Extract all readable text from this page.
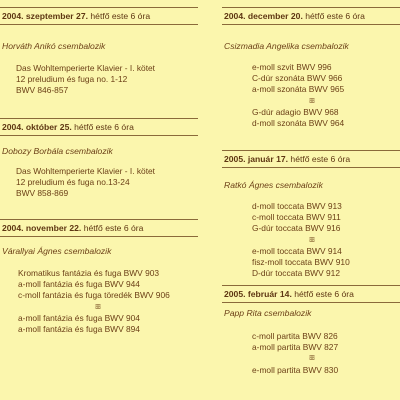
2004. szeptember 27. hétfő este 6 óra
Horváth Anikó csembalozik
Das Wohltemperierte Klavier - I. kötet
12 preludium és fuga no. 1-12
BWV 846-857
2004. október 25. hétfő este 6 óra
Dobozy Borbála csembalozik
Das Wohltemperierte Klavier - I. kötet
12 preludium és fuga no.13-24
BWV 858-869
2004. november 22. hétfő este 6 óra
Várallyai Ágnes csembalozik
Kromatikus fantázia és fuga BWV 903
a-moll fantázia és fuga BWV 944
c-moll fantázia és fuga töredék BWV 906
ꕥ
a-moll fantázia és fuga BWV 904
a-moll fantázia és fuga BWV 894
2004. december 20. hétfő este 6 óra
Csizmadia Angelika csembalozik
e-moll szvit BWV 996
C-dúr szonáta BWV 966
a-moll szonáta BWV 965
ꕥ
G-dúr adagio BWV 968
d-moll szonáta BWV 964
2005. január 17. hétfő este 6 óra
Ratkó Ágnes csembalozik
d-moll toccata BWV 913
c-moll toccata BWV 911
G-dúr toccata BWV 916
ꕥ
e-moll toccata BWV 914
fisz-moll toccata BWV 910
D-dúr toccata BWV 912
2005. február 14. hétfő este 6 óra
Papp Rita csembalozik
c-moll partita BWV 826
a-moll partita BWV 827
ꕥ
e-moll partita BWV 830
